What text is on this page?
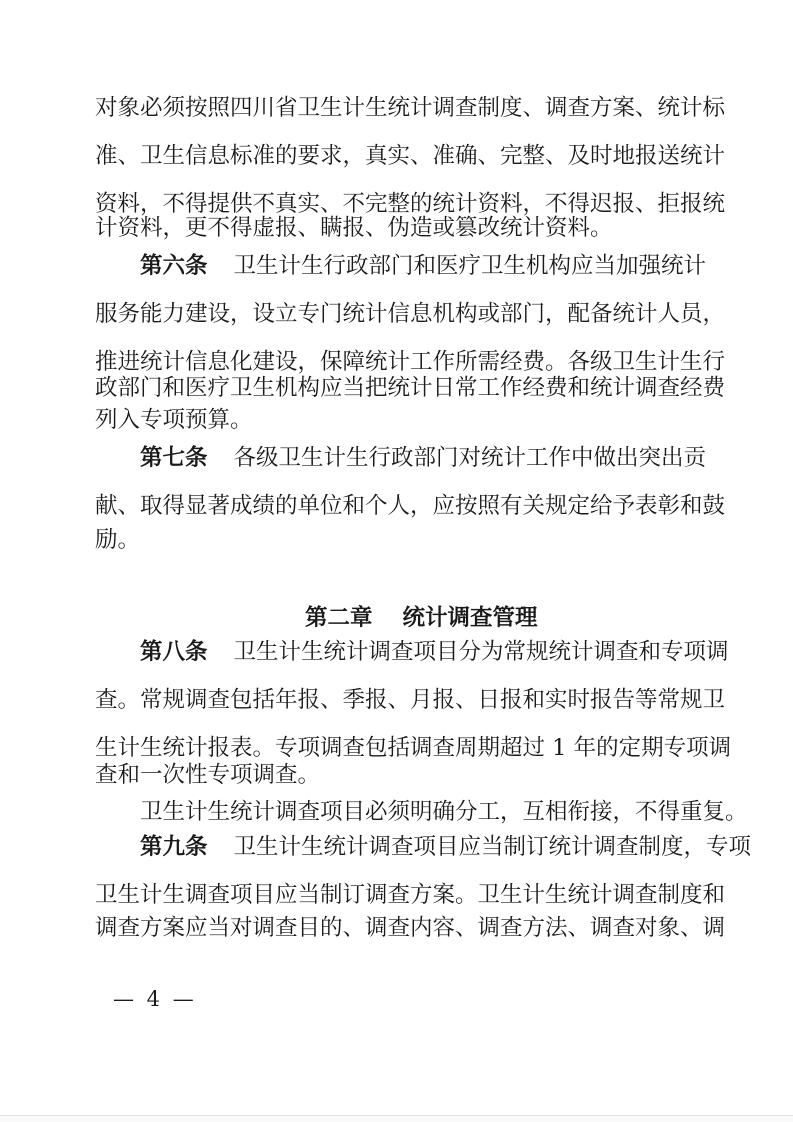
对象必须按照四川省卫生计生统计调查制度、调查方案、统计标
准、卫生信息标准的要求，真实、准确、完整、及时地报送统计
资料，不得提供不真实、不完整的统计资料，不得迟报、拒报统
计资料，更不得虚报、瞒报、伪造或篡改统计资料。
第六条 卫生计生行政部门和医疗卫生机构应当加强统计
服务能力建设，设立专门统计信息机构或部门，配备统计人员，
推进统计信息化建设，保障统计工作所需经费。各级卫生计生行
政部门和医疗卫生机构应当把统计日常工作经费和统计调查经费
列入专项预算。
第七条 各级卫生计生行政部门对统计工作中做出突出贡
献、取得显著成绩的单位和个人，应按照有关规定给予表彰和鼓
励。
第二章 统计调查管理
第八条 卫生计生统计调查项目分为常规统计调查和专项调
查。常规调查包括年报、季报、月报、日报和实时报告等常规卫
生计生统计报表。专项调查包括调查周期超过 1 年的定期专项调
查和一次性专项调查。
卫生计生统计调查项目必须明确分工，互相衔接，不得重复。
第九条 卫生计生统计调查项目应当制订统计调查制度，专项
卫生计生调查项目应当制订调查方案。卫生计生统计调查制度和
调查方案应当对调查目的、调查内容、调查方法、调查对象、调
— 4 —
